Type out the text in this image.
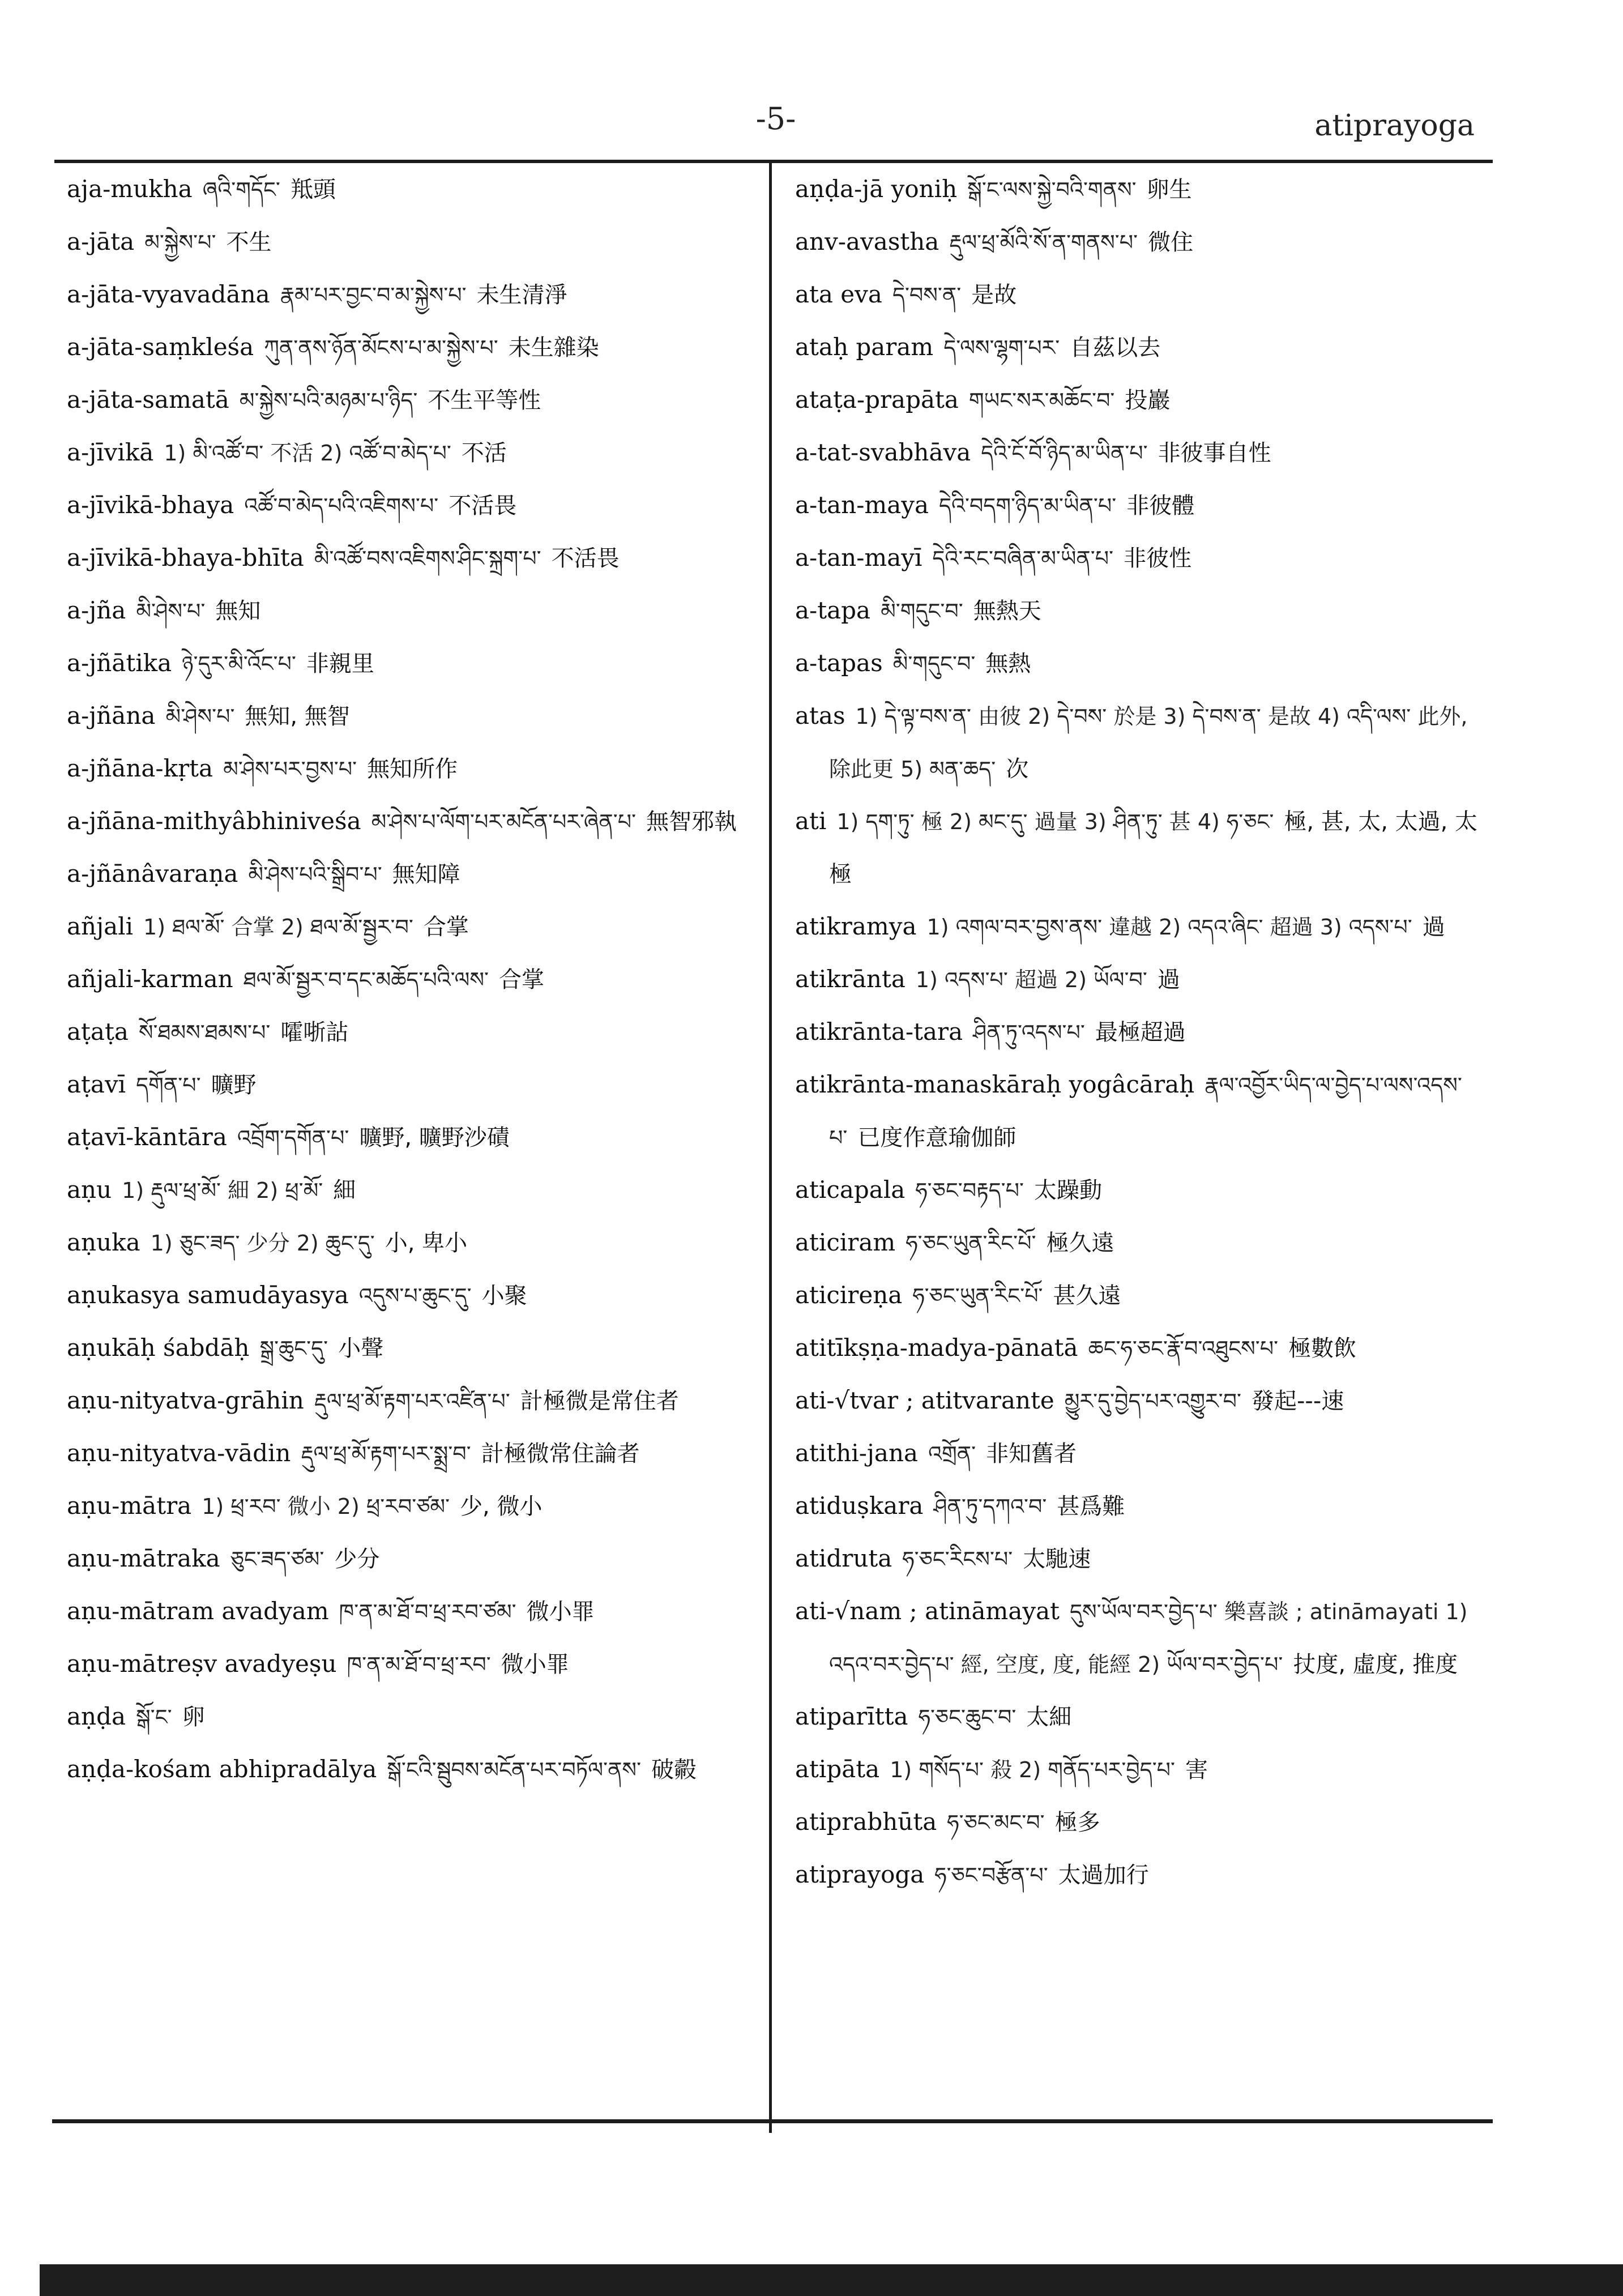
-5-	atiprayoga

aja-mukha ཞའི་གདོང་ 羝頭

a-jāta མ་སྐྱེས་པ་ 不生

a-jāta-vyavadāna རྣམ་པར་བྱང་བ་མ་སྐྱེས་པ་ 未生清淨

a-jāta-saṃkleśa ཀུན་ནས་ཉོན་མོངས་པ་མ་སྐྱེས་པ་ 未生雜染

a-jāta-samatā མ་སྐྱེས་པའི་མཉམ་པ་ཉིད་ 不生平等性

a-jīvikā 1) མི་འཚོ་བ་ 不活 2) འཚོ་བ་མེད་པ་ 不活

a-jīvikā-bhaya འཚོ་བ་མེད་པའི་འཇིགས་པ་ 不活畏

a-jīvikā-bhaya-bhīta མི་འཚོ་བས་འཇིགས་ཤིང་སྐྲག་པ་ 不活畏

a-jña མི་ཤེས་པ་ 無知

a-jñātika ཉེ་དུར་མི་འོང་པ་ 非親里

a-jñāna མི་ཤེས་པ་ 無知, 無智

a-jñāna-kṛta མ་ཤེས་པར་བྱས་པ་ 無知所作

a-jñāna-mithyâbhiniveśa མ་ཤེས་པ་ལོག་པར་མངོན་པར་ཞེན་པ་ 無智邪執

a-jñānâvaraṇa མི་ཤེས་པའི་སྒྲིབ་པ་ 無知障

añjali 1) ཐལ་མོ་ 合掌 2) ཐལ་མོ་སྦྱར་བ་ 合掌

añjali-karman ཐལ་མོ་སྦྱར་བ་དང་མཆོད་པའི་ལས་ 合掌

aṭaṭa སོ་ཐམས་ཐམས་པ་ 嚯哳詀

aṭavī དགོན་པ་ 曠野

aṭavī-kāntāra འབྲོག་དགོན་པ་ 曠野, 曠野沙磧

aṇu 1) རྡུལ་ཕྲ་མོ་ 細 2) ཕྲ་མོ་ 細

aṇuka 1) ཅུང་ཟད་ 少分 2) ཆུང་དུ་ 小, 卑小

aṇukasya samudāyasya འདུས་པ་ཆུང་དུ་ 小聚

aṇukāḥ śabdāḥ སྒྲ་ཆུང་དུ་ 小聲

aṇu-nityatva-grāhin རྡུལ་ཕྲ་མོ་རྟག་པར་འཛིན་པ་ 計極微是常住者

aṇu-nityatva-vādin རྡུལ་ཕྲ་མོ་རྟག་པར་སྨྲ་བ་ 計極微常住論者

aṇu-mātra 1) ཕྲ་རབ་ 微小 2) ཕྲ་རབ་ཙམ་ 少, 微小

aṇu-mātraka ཅུང་ཟད་ཙམ་ 少分

aṇu-mātram avadyam ཁ་ན་མ་ཐོ་བ་ཕྲ་རབ་ཙམ་ 微小罪

aṇu-mātreṣv avadyeṣu ཁ་ན་མ་ཐོ་བ་ཕྲ་རབ་ 微小罪

aṇḍa སྒོ་ང་ 卵

aṇḍa-kośam abhipradālya སྒོ་ངའི་སྦུབས་མངོན་པར་བཏོལ་ནས་ 破㲉

aṇḍa-jā yoniḥ སྒོ་ང་ལས་སྐྱེ་བའི་གནས་ 卵生

anv-avastha རྡུལ་ཕྲ་མོའི་སོ་ན་གནས་པ་ 微住

ata eva དེ་བས་ན་ 是故

ataḥ param དེ་ལས་ལྷག་པར་ 自茲以去

ataṭa-prapāta གཡང་སར་མཆོང་བ་ 投巖

a-tat-svabhāva དེའི་ངོ་བོ་ཉིད་མ་ཡིན་པ་ 非彼事自性

a-tan-maya དེའི་བདག་ཉིད་མ་ཡིན་པ་ 非彼體

a-tan-mayī དེའི་རང་བཞིན་མ་ཡིན་པ་ 非彼性

a-tapa མི་གདུང་བ་ 無熱天

a-tapas མི་གདུང་བ་ 無熱

atas 1) དེ་ལྟ་བས་ན་ 由彼 2) དེ་བས་ 於是 3) དེ་བས་ན་ 是故 4) འདི་ལས་ 此外, 除此更 5) མན་ཆད་ 次

ati 1) དག་ཏུ་ 極 2) མང་དུ་ 過量 3) ཤིན་ཏུ་ 甚 4) ཧ་ཅང་ 極, 甚, 太, 太過, 太極

atikramya 1) འགལ་བར་བྱས་ནས་ 違越 2) འདའ་ཞིང་ 超過 3) འདས་པ་ 過

atikrānta 1) འདས་པ་ 超過 2) ཡོལ་བ་ 過

atikrānta-tara ཤིན་ཏུ་འདས་པ་ 最極超過

atikrānta-manaskāraḥ yogâcāraḥ རྣལ་འབྱོར་ཡིད་ལ་བྱེད་པ་ལས་འདས་པ་ 已度作意瑜伽師

aticapala ཧ་ཅང་བརྟད་པ་ 太躁動

aticiram ཧ་ཅང་ཡུན་རིང་པོ་ 極久遠

aticireṇa ཧ་ཅང་ཡུན་རིང་པོ་ 甚久遠

atitīkṣṇa-madya-pānatā ཆང་ཧ་ཅང་རྣོ་བ་འཐུངས་པ་ 極數飲

ati-√tvar ; atitvarante མྱུར་དུ་བྱེད་པར་འགྱུར་བ་ 發起---速

atithi-jana འགྲོན་ 非知舊者

atiduṣkara ཤིན་ཏུ་དཀའ་བ་ 甚爲難

atidruta ཧ་ཅང་རིངས་པ་ 太馳速

ati-√nam ; atināmayat དུས་ཡོལ་བར་བྱེད་པ་ 樂喜談 ; atināmayati 1) འདའ་བར་བྱེད་པ་ 經, 空度, 度, 能經 2) ཡོལ་བར་བྱེད་པ་ 扙度, 虛度, 推度

atiparītta ཧ་ཅང་ཆུང་བ་ 太細

atipāta 1) གསོད་པ་ 殺 2) གནོད་པར་བྱེད་པ་ 害

atiprabhūta ཧ་ཅང་མང་བ་ 極多

atiprayoga ཧ་ཅང་བརྩོན་པ་ 太過加行
